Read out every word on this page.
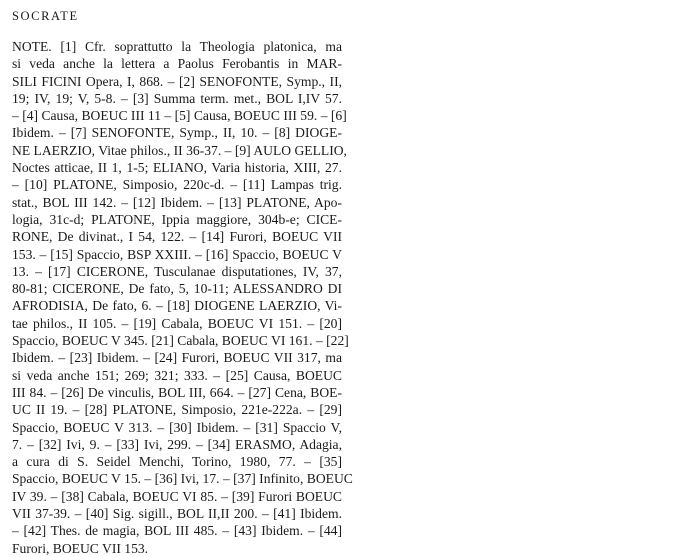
SOCRATE
NOTE. [1] Cfr. soprattutto la Theologia platonica, ma
si veda anche la lettera a Paolus Ferobantis in MAR-
SILI FICINI Opera, I, 868. – [2] SENOFONTE, Symp., II,
19; IV, 19; V, 5-8. – [3] Summa term. met., BOL I,IV 57.
– [4] Causa, BOEUC III 11 – [5] Causa, BOEUC III 59. – [6]
Ibidem. – [7] SENOFONTE, Symp., II, 10. – [8] DIOGE-
NE LAERZIO, Vitae philos., II 36-37. – [9] AULO GELLIO,
Noctes atticae, II 1, 1-5; ELIANO, Varia historia, XIII, 27.
– [10] PLATONE, Simposio, 220c-d. – [11] Lampas trig.
stat., BOL III 142. – [12] Ibidem. – [13] PLATONE, Apo-
logia, 31c-d; PLATONE, Ippia maggiore, 304b-e; CICE-
RONE, De divinat., I 54, 122. – [14] Furori, BOEUC VII
153. – [15] Spaccio, BSP XXIII. – [16] Spaccio, BOEUC V
13. – [17] CICERONE, Tusculanae disputationes, IV, 37,
80-81; CICERONE, De fato, 5, 10-11; ALESSANDRO DI
AFRODISIA, De fato, 6. – [18] DIOGENE LAERZIO, Vi-
tae philos., II 105. – [19] Cabala, BOEUC VI 151. – [20]
Spaccio, BOEUC V 345. [21] Cabala, BOEUC VI 161. – [22]
Ibidem. – [23] Ibidem. – [24] Furori, BOEUC VII 317, ma
si veda anche 151; 269; 321; 333. – [25] Causa, BOEUC
III 84. – [26] De vinculis, BOL III, 664. – [27] Cena, BOE-
UC II 19. – [28] PLATONE, Simposio, 221e-222a. – [29]
Spaccio, BOEUC V 313. – [30] Ibidem. – [31] Spaccio V,
7. – [32] Ivi, 9. – [33] Ivi, 299. – [34] ERASMO, Adagia,
a cura di S. Seidel Menchi, Torino, 1980, 77. – [35]
Spaccio, BOEUC V 15. – [36] Ivi, 17. – [37] Infinito, BOEUC
IV 39. – [38] Cabala, BOEUC VI 85. – [39] Furori BOEUC
VII 37-39. – [40] Sig. sigill., BOL II,II 200. – [41] Ibidem.
– [42] Thes. de magia, BOL III 485. – [43] Ibidem. – [44]
Furori, BOEUC VII 153.
